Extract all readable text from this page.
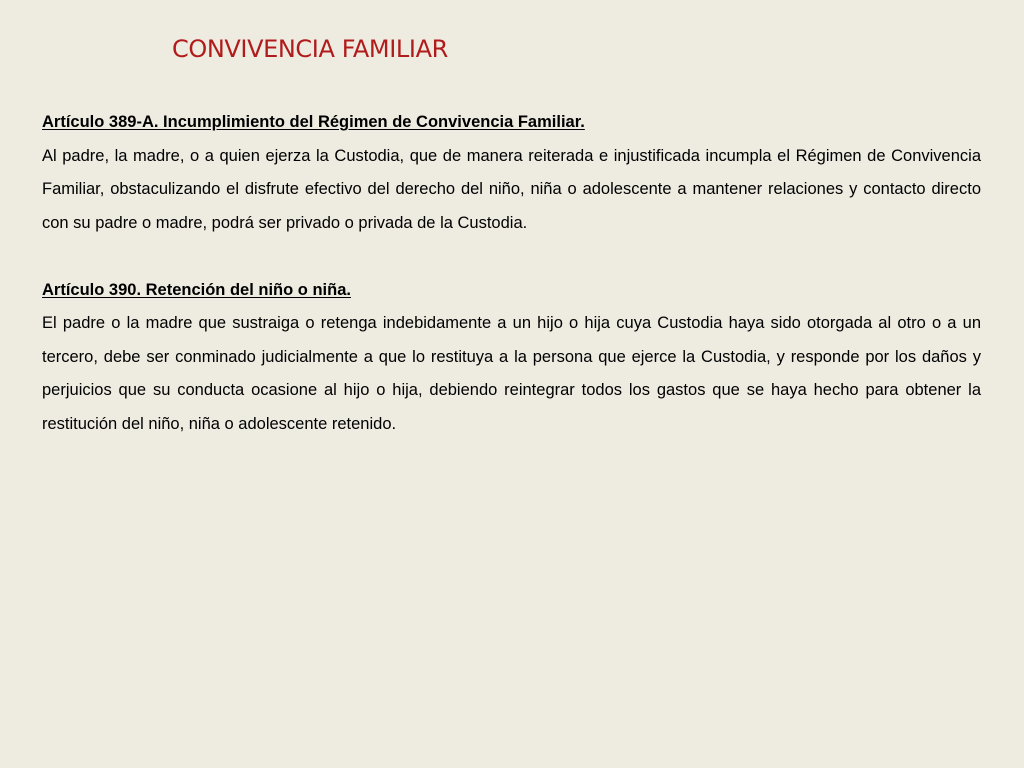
CONVIVENCIA FAMILIAR

Artículo 389-A. Incumplimiento del Régimen de Convivencia Familiar.

Al padre, la madre, o a quien ejerza la Custodia, que de manera reiterada e injustificada incumpla el Régimen de Convivencia Familiar, obstaculizando el disfrute efectivo del derecho del niño, niña o adolescente a mantener relaciones y contacto directo con su padre o madre, podrá ser privado o privada de la Custodia.

Artículo 390. Retención del niño o niña.

El padre o la madre que sustraiga o retenga indebidamente a un hijo o hija cuya Custodia haya sido otorgada al otro o a un tercero, debe ser conminado judicialmente a que lo restituya a la persona que ejerce la Custodia, y responde por los daños y perjuicios que su conducta ocasione al hijo o hija, debiendo reintegrar todos los gastos que se haya hecho para obtener la restitución del niño, niña o adolescente retenido.
